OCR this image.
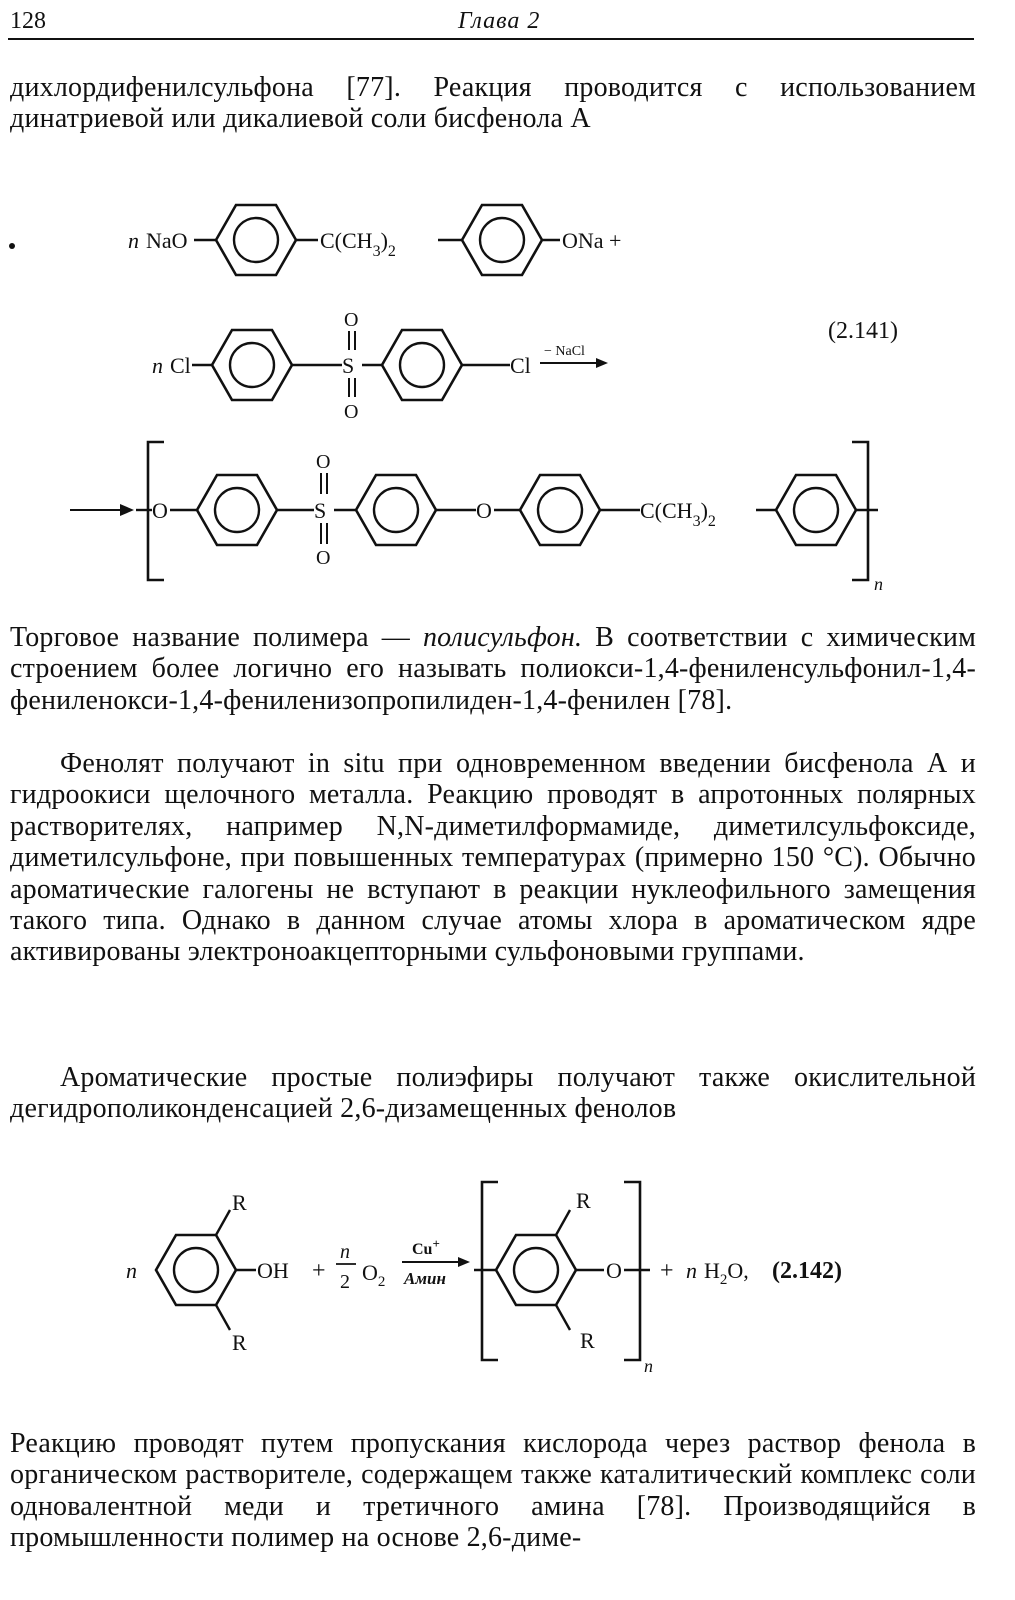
128	Глава 2

дихлордифенилсульфона [77]. Реакция проводится с использованием динатриевой или дикалиевой соли бисфенола А

n NaO	$C(CH_3)_2$	ONa +
n Cl	S
O
O
Cl
− NaCl
(2.141)
O	S
O
O
O	$C(CH_3)_2$
n

Торговое название полимера — полисульфон. В соответствии с химическим строением более логично его называть полиокси-1,4-фениленсульфонил-1,4-фениленокси-1,4-фениленизопропилиден-1,4-фенилен [78].

Фенолят получают in situ при одновременном введении бисфенола А и гидроокиси щелочного металла. Реакцию проводят в апротонных полярных растворителях, например N,N-диметилформамиде, диметилсульфоксиде, диметилсульфоне, при повышенных температурах (примерно 150 °С). Обычно ароматические галогены не вступают в реакции нуклеофильного замещения такого типа. Однако в данном случае атомы хлора в ароматическом ядре активированы электроноакцепторными сульфоновыми группами.

Ароматические простые полиэфиры получают также окислительной дегидрополиконденсацией 2,6-дизамещенных фенолов

n
R
R
OH +
n
2 $O_2$
Cu+
Амин
R
R
O
n
+ n $H_2O$, (2.142)

Реакцию проводят путем пропускания кислорода через раствор фенола в органическом растворителе, содержащем также каталитический комплекс соли одновалентной меди и третичного амина [78]. Производящийся в промышленности полимер на основе 2,6-диме-
